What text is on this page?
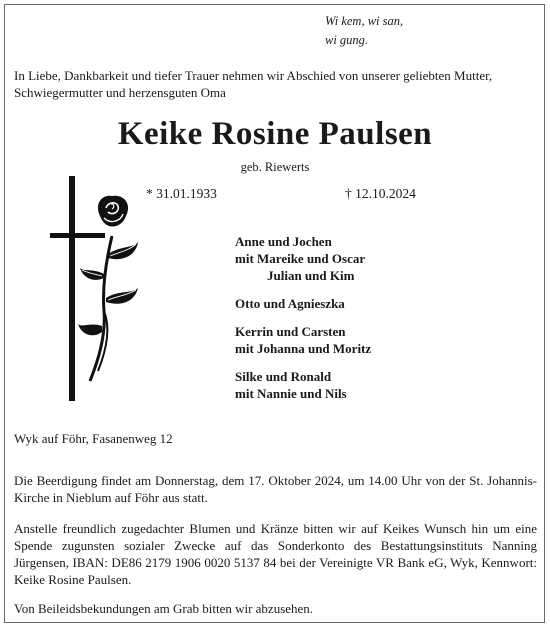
Wi kem, wi san,
wi gung.
In Liebe, Dankbarkeit und tiefer Trauer nehmen wir Abschied von unserer geliebten Mutter, Schwiegermutter und herzensguten Oma
Keike Rosine Paulsen
geb. Riewerts
* 31.01.1933	† 12.10.2024
Anne und Jochen
mit Mareike und Oscar
Julian und Kim
Otto und Agnieszka
Kerrin und Carsten
mit Johanna und Moritz
Silke und Ronald
mit Nannie und Nils
Wyk auf Föhr, Fasanenweg 12
Die Beerdigung findet am Donnerstag, dem 17. Oktober 2024, um 14.00 Uhr von der St. Johannis-Kirche in Nieblum auf Föhr aus statt.
Anstelle freundlich zugedachter Blumen und Kränze bitten wir auf Keikes Wunsch hin um eine Spende zugunsten sozialer Zwecke auf das Sonderkonto des Bestattungsinstituts Nanning Jürgensen, IBAN: DE86 2179 1906 0020 5137 84 bei der Vereinigte VR Bank eG, Wyk, Kennwort: Keike Rosine Paulsen.
Von Beileidsbekundungen am Grab bitten wir abzusehen.
